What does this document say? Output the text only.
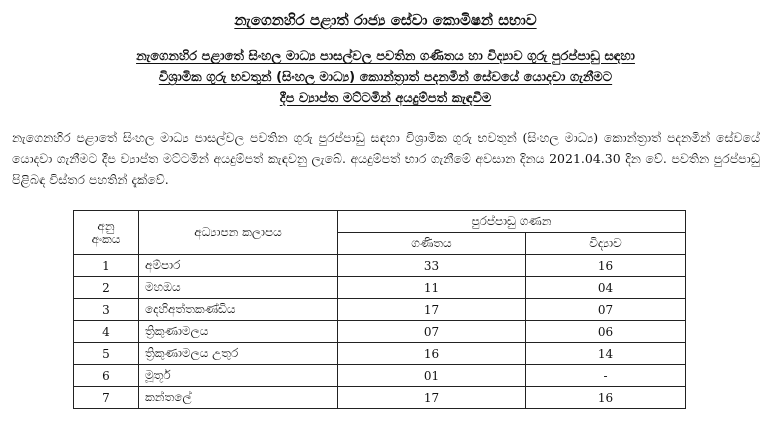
නැගෙනහිර පළාත් රාජ්‍ය සේවා කොමිෂන් සභාව
නැගෙනහිර පළාතේ සිංහල මාධ්‍ය පාසල්වල පවතින ගණිතය හා විද්‍යාව ගුරු පුරප්පාඩු සඳහා
විශ්‍රාමික ගුරු භවතුන් (සිංහල මාධ්‍ය) කොන්ත්‍රාත් පදනමින් සේවයේ යොදවා ගැනීමට
දීප ව්‍යාප්ත මට්ටමින් අයදුම්පත් කැඳවීම
නැගෙනහිර පළාතේ සිංහල මාධ්‍ය පාසල්වල පවතින ගුරු පුරප්පාඩු සඳහා විශ්‍රාමික ගුරු භවතුන් (සිංහල මාධ්‍ය) කොන්ත්‍රාත් පදනමින් සේවයේ යොදවා ගැනීමට දීප ව්‍යාප්ත මට්ටමින් අයදුම්පත් කැඳවනු ලැබේ. අයදුම්පත් භාර ගැනීමේ අවසාන දිනය 2021.04.30 දින වේ. පවතින පුරප්පාඩු පිළිබඳ විස්තර පහතින් දැක්වේ.
අනු
අංකය	අධ්‍යාපන කලාපය	පුරප්පාඩු ගණන	
		ගණිතය	විද්‍යාව
1	අම්පාර	33	16
2	මහඔය	11	04
3	දෙහිඅත්තකණ්ඩිය	17	07
4	ත්‍රිකුණාමලය	07	06
5	ත්‍රිකුණාමලය උතුර	16	14
6	මූතූර්	01	-
7	කන්තලේ	17	16
